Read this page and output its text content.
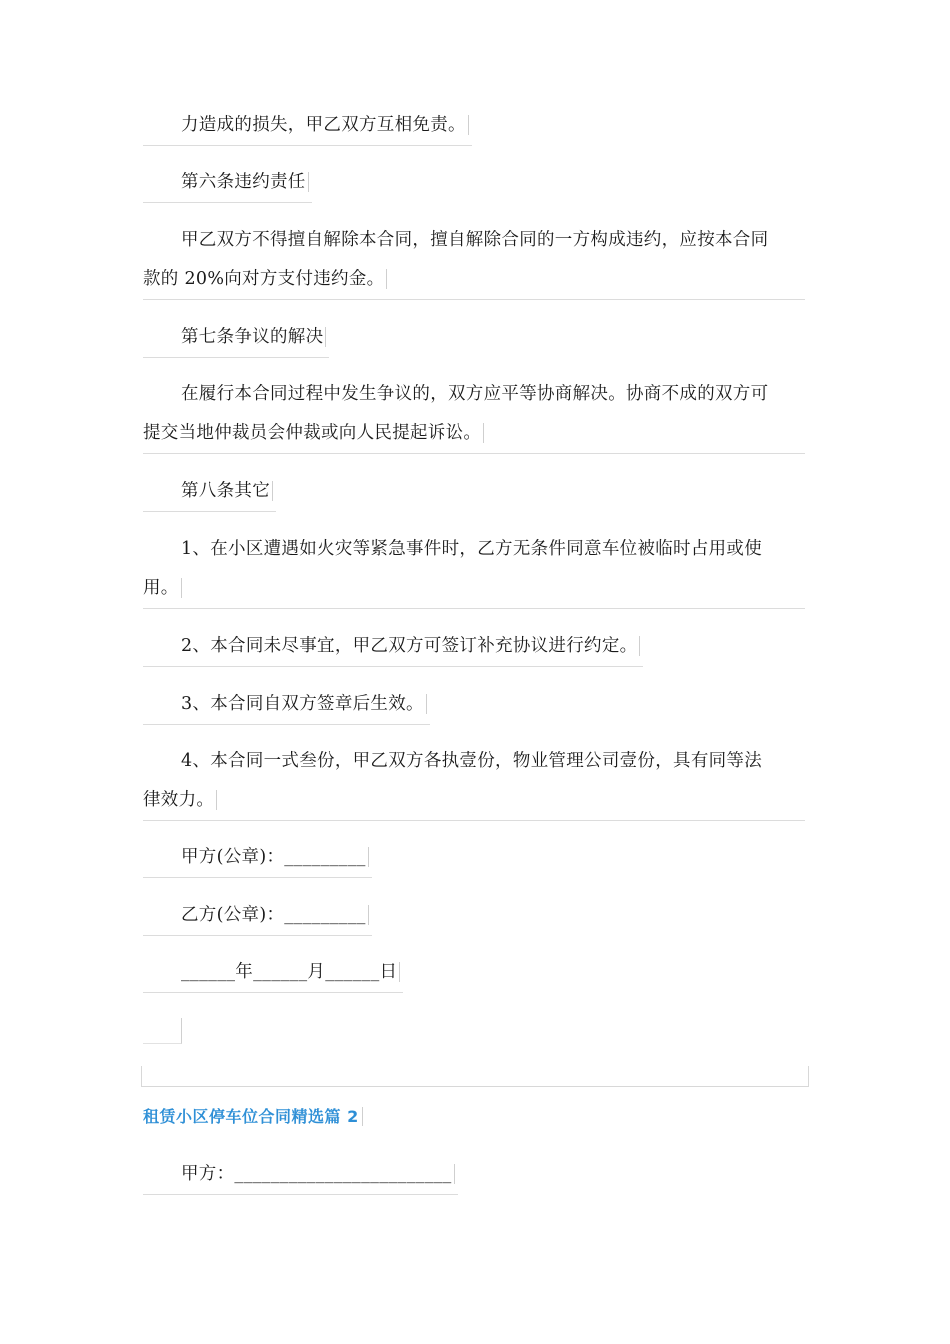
力造成的损失，甲乙双方互相免责。
第六条违约责任
甲乙双方不得擅自解除本合同，擅自解除合同的一方构成违约，应按本合同
款的 20%向对方支付违约金。
第七条争议的解决
在履行本合同过程中发生争议的，双方应平等协商解决。协商不成的双方可
提交当地仲裁员会仲裁或向人民提起诉讼。
第八条其它
1、在小区遭遇如火灾等紧急事件时，乙方无条件同意车位被临时占用或使
用。
2、本合同未尽事宜，甲乙双方可签订补充协议进行约定。
3、本合同自双方签章后生效。
4、本合同一式叁份，甲乙双方各执壹份，物业管理公司壹份，具有同等法
律效力。
甲方(公章)：_________
乙方(公章)：_________
______年______月______日
租赁小区停车位合同精选篇 2
甲方：________________________
